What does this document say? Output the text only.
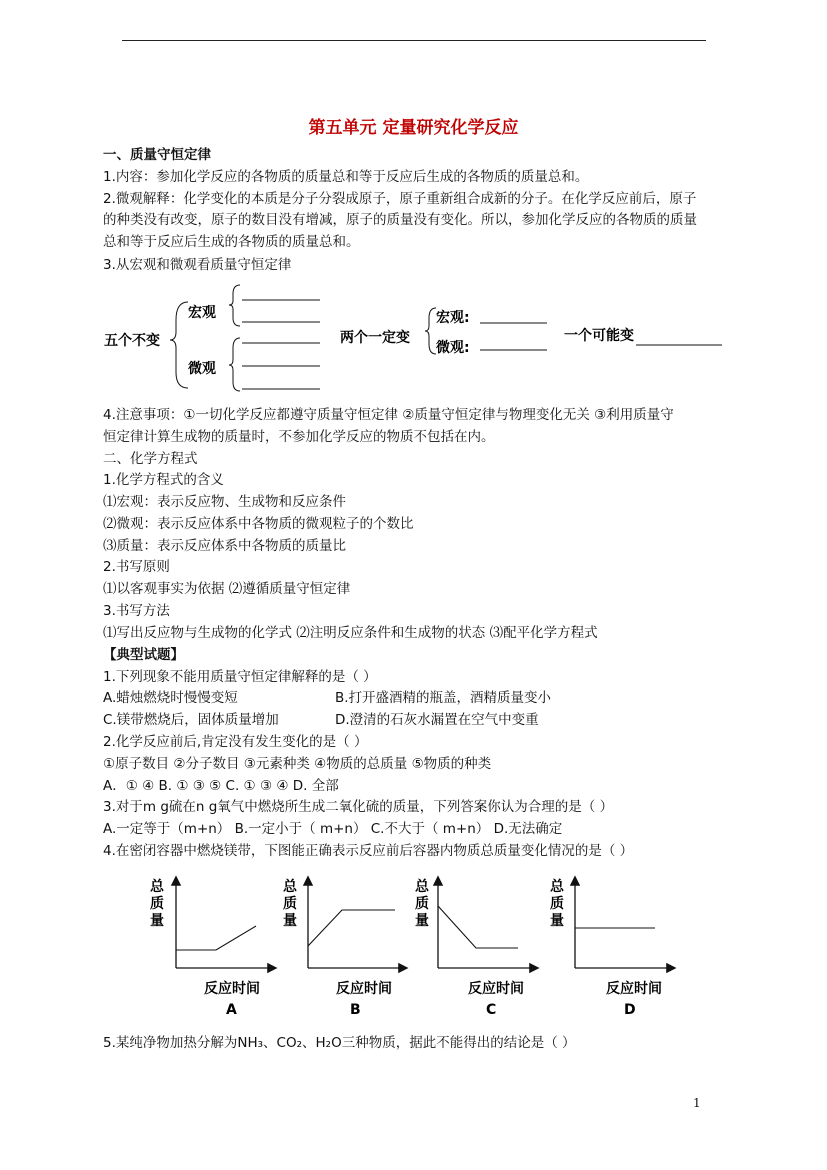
第五单元 定量研究化学反应
一、质量守恒定律
1.内容：参加化学反应的各物质的质量总和等于反应后生成的各物质的质量总和。
2.微观解释：化学变化的本质是分子分裂成原子，原子重新组合成新的分子。在化学反应前后，原子
的种类没有改变，原子的数目没有增减，原子的质量没有变化。所以，参加化学反应的各物质的质量
总和等于反应后生成的各物质的质量总和。
3.从宏观和微观看质量守恒定律
五个不变
宏观
微观
两个一定变
宏观:
微观:
一个可能变
4.注意事项：①一切化学反应都遵守质量守恒定律 ②质量守恒定律与物理变化无关 ③利用质量守
恒定律计算生成物的质量时，不参加化学反应的物质不包括在内。
二、化学方程式
1.化学方程式的含义
⑴宏观：表示反应物、生成物和反应条件
⑵微观：表示反应体系中各物质的微观粒子的个数比
⑶质量：表示反应体系中各物质的质量比
2.书写原则
⑴以客观事实为依据 ⑵遵循质量守恒定律
3.书写方法
⑴写出反应物与生成物的化学式 ⑵注明反应条件和生成物的状态 ⑶配平化学方程式
【典型试题】
1.下列现象不能用质量守恒定律解释的是（ ）
A.蜡烛燃烧时慢慢变短	B.打开盛酒精的瓶盖，酒精质量变小
C.镁带燃烧后，固体质量增加	D.澄清的石灰水漏置在空气中变重
2.化学反应前后,肯定没有发生变化的是（ ）
①原子数目 ②分子数目 ③元素种类 ④物质的总质量 ⑤物质的种类
A．① ④ B. ① ③ ⑤ C. ① ③ ④ D. 全部
3.对于m g硫在n g氧气中燃烧所生成二氧化硫的质量，下列答案你认为合理的是（ ）
A.一定等于（m+n） B.一定小于（ m+n） C.不大于（ m+n） D.无法确定
4.在密闭容器中燃烧镁带，下图能正确表示反应前后容器内物质总质量变化情况的是（ ）
总
质
量
反应时间
A
总
质
量
反应时间
B
总
质
量
反应时间
C
总
质
量
反应时间
D
5.某纯净物加热分解为NH₃、CO₂、H₂O三种物质，据此不能得出的结论是（ ）
1
